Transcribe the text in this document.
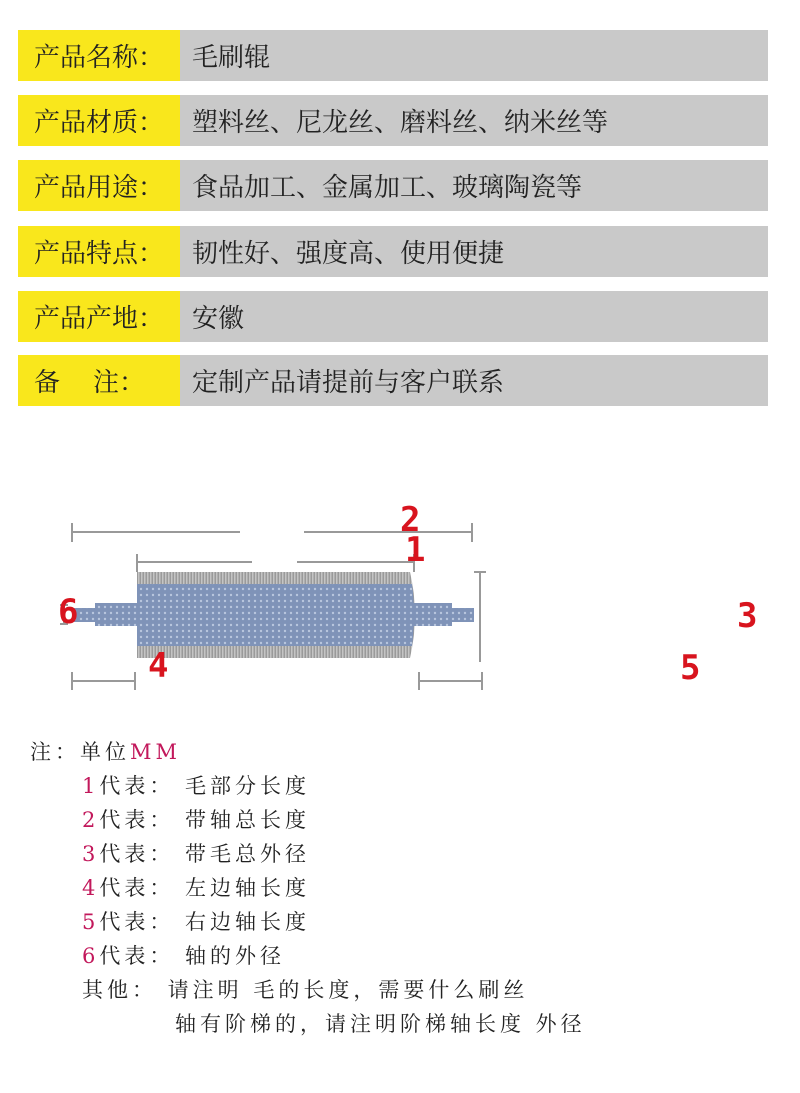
产品名称：	毛刷辊
产品材质：	塑料丝、尼龙丝、磨料丝、纳米丝等
产品用途：	食品加工、金属加工、玻璃陶瓷等
产品特点：	韧性好、强度高、使用便捷
产品产地：	安徽
备    注：	定制产品请提前与客户联系
2
1
3
4	5
6
注：单位MM
1代表： 毛部分长度
2代表： 带轴总长度
3代表： 带毛总外径
4代表： 左边轴长度
5代表： 右边轴长度
6代表： 轴的外径
其他： 请注明 毛的长度，需要什么刷丝
轴有阶梯的，请注明阶梯轴长度 外径
